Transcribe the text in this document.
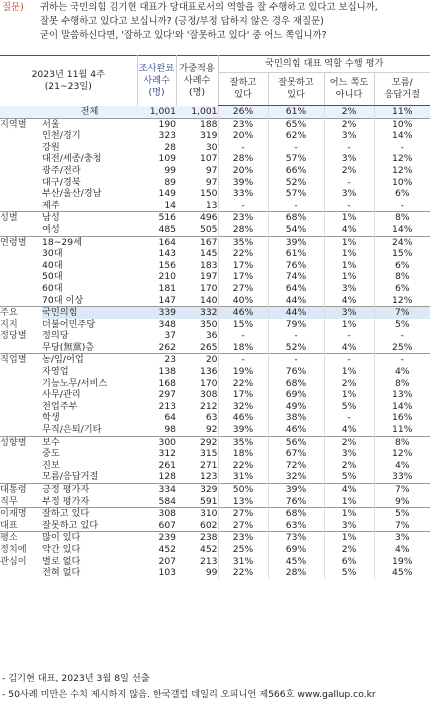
질문) 귀하는 국민의힘 김기현 대표가 당대표로서의 역할을 잘 수행하고 있다고 보십니까,
잘못 수행하고 있다고 보십니까? (긍정/부정 답하지 않은 경우 재질문)
굳이 말씀하신다면, '잘하고 있다'와 '잘못하고 있다' 중 어느 쪽입니까?
2023년 11월 4주
(21~23일)		조사완료
사례수
(명)	가중적용
사례수
(명)	국민의힘 대표 역할 수행 평가			

				잘하고
있다	잘못하고
있다	어느 쪽도
아니다	모름/
응답거절

	전체	1,001	1,001	26%	61%	2%	11%
지역별	서울	190	188	23%	65%	2%	10%
	인천/경기	323	319	20%	62%	3%	14%
	강원	28	30	-	-	-	-
	대전/세종/충청	109	107	28%	57%	3%	12%
	광주/전라	99	97	20%	66%	2%	12%
	대구/경북	89	97	39%	52%	-	10%
	부산/울산/경남	149	150	33%	57%	3%	6%
	제주	14	13	-	-	-	-
성별	남성	516	496	23%	68%	1%	8%
	여성	485	505	28%	54%	4%	14%
연령별	18~29세	164	167	35%	39%	1%	24%
	30대	143	145	22%	61%	1%	15%
	40대	156	183	17%	76%	1%	6%
	50대	210	197	17%	74%	1%	8%
	60대	181	170	27%	64%	3%	6%
	70대 이상	147	140	40%	44%	4%	12%
주요	국민의힘	339	332	46%	44%	3%	7%
지지	더불어민주당	348	350	15%	79%	1%	5%
정당별	정의당	37	36	-	-	-	-
	무당(無黨)층	262	265	18%	52%	4%	25%
직업별	농/임/어업	23	20	-	-	-	-
	자영업	138	136	19%	76%	1%	4%
	기능노무/서비스	168	170	22%	68%	2%	8%
	사무/관리	297	308	17%	69%	1%	13%
	전업주부	213	212	32%	49%	5%	14%
	학생	64	63	46%	38%	-	16%
	무직/은퇴/기타	98	92	39%	46%	4%	11%
성향별	보수	300	292	35%	56%	2%	8%
	중도	312	315	18%	67%	3%	12%
	진보	261	271	22%	72%	2%	4%
	모름/응답거절	128	123	31%	32%	5%	33%
대통령	긍정 평가자	334	329	50%	39%	4%	7%
직무	부정 평가자	584	591	13%	76%	1%	9%
이재명	잘하고 있다	308	310	27%	68%	1%	5%
대표	잘못하고 있다	607	602	27%	63%	3%	7%
평소	많이 있다	239	238	23%	73%	1%	3%
정치에	약간 있다	452	452	25%	69%	2%	4%
관심이	별로 없다	207	213	31%	45%	6%	19%
	전혀 없다	103	99	22%	28%	5%	45%
- 김기현 대표, 2023년 3월 8일 선출
- 50사례 미만은 수치 제시하지 않음. 한국갤럽 데일리 오피니언 제566호 www.gallup.co.kr
